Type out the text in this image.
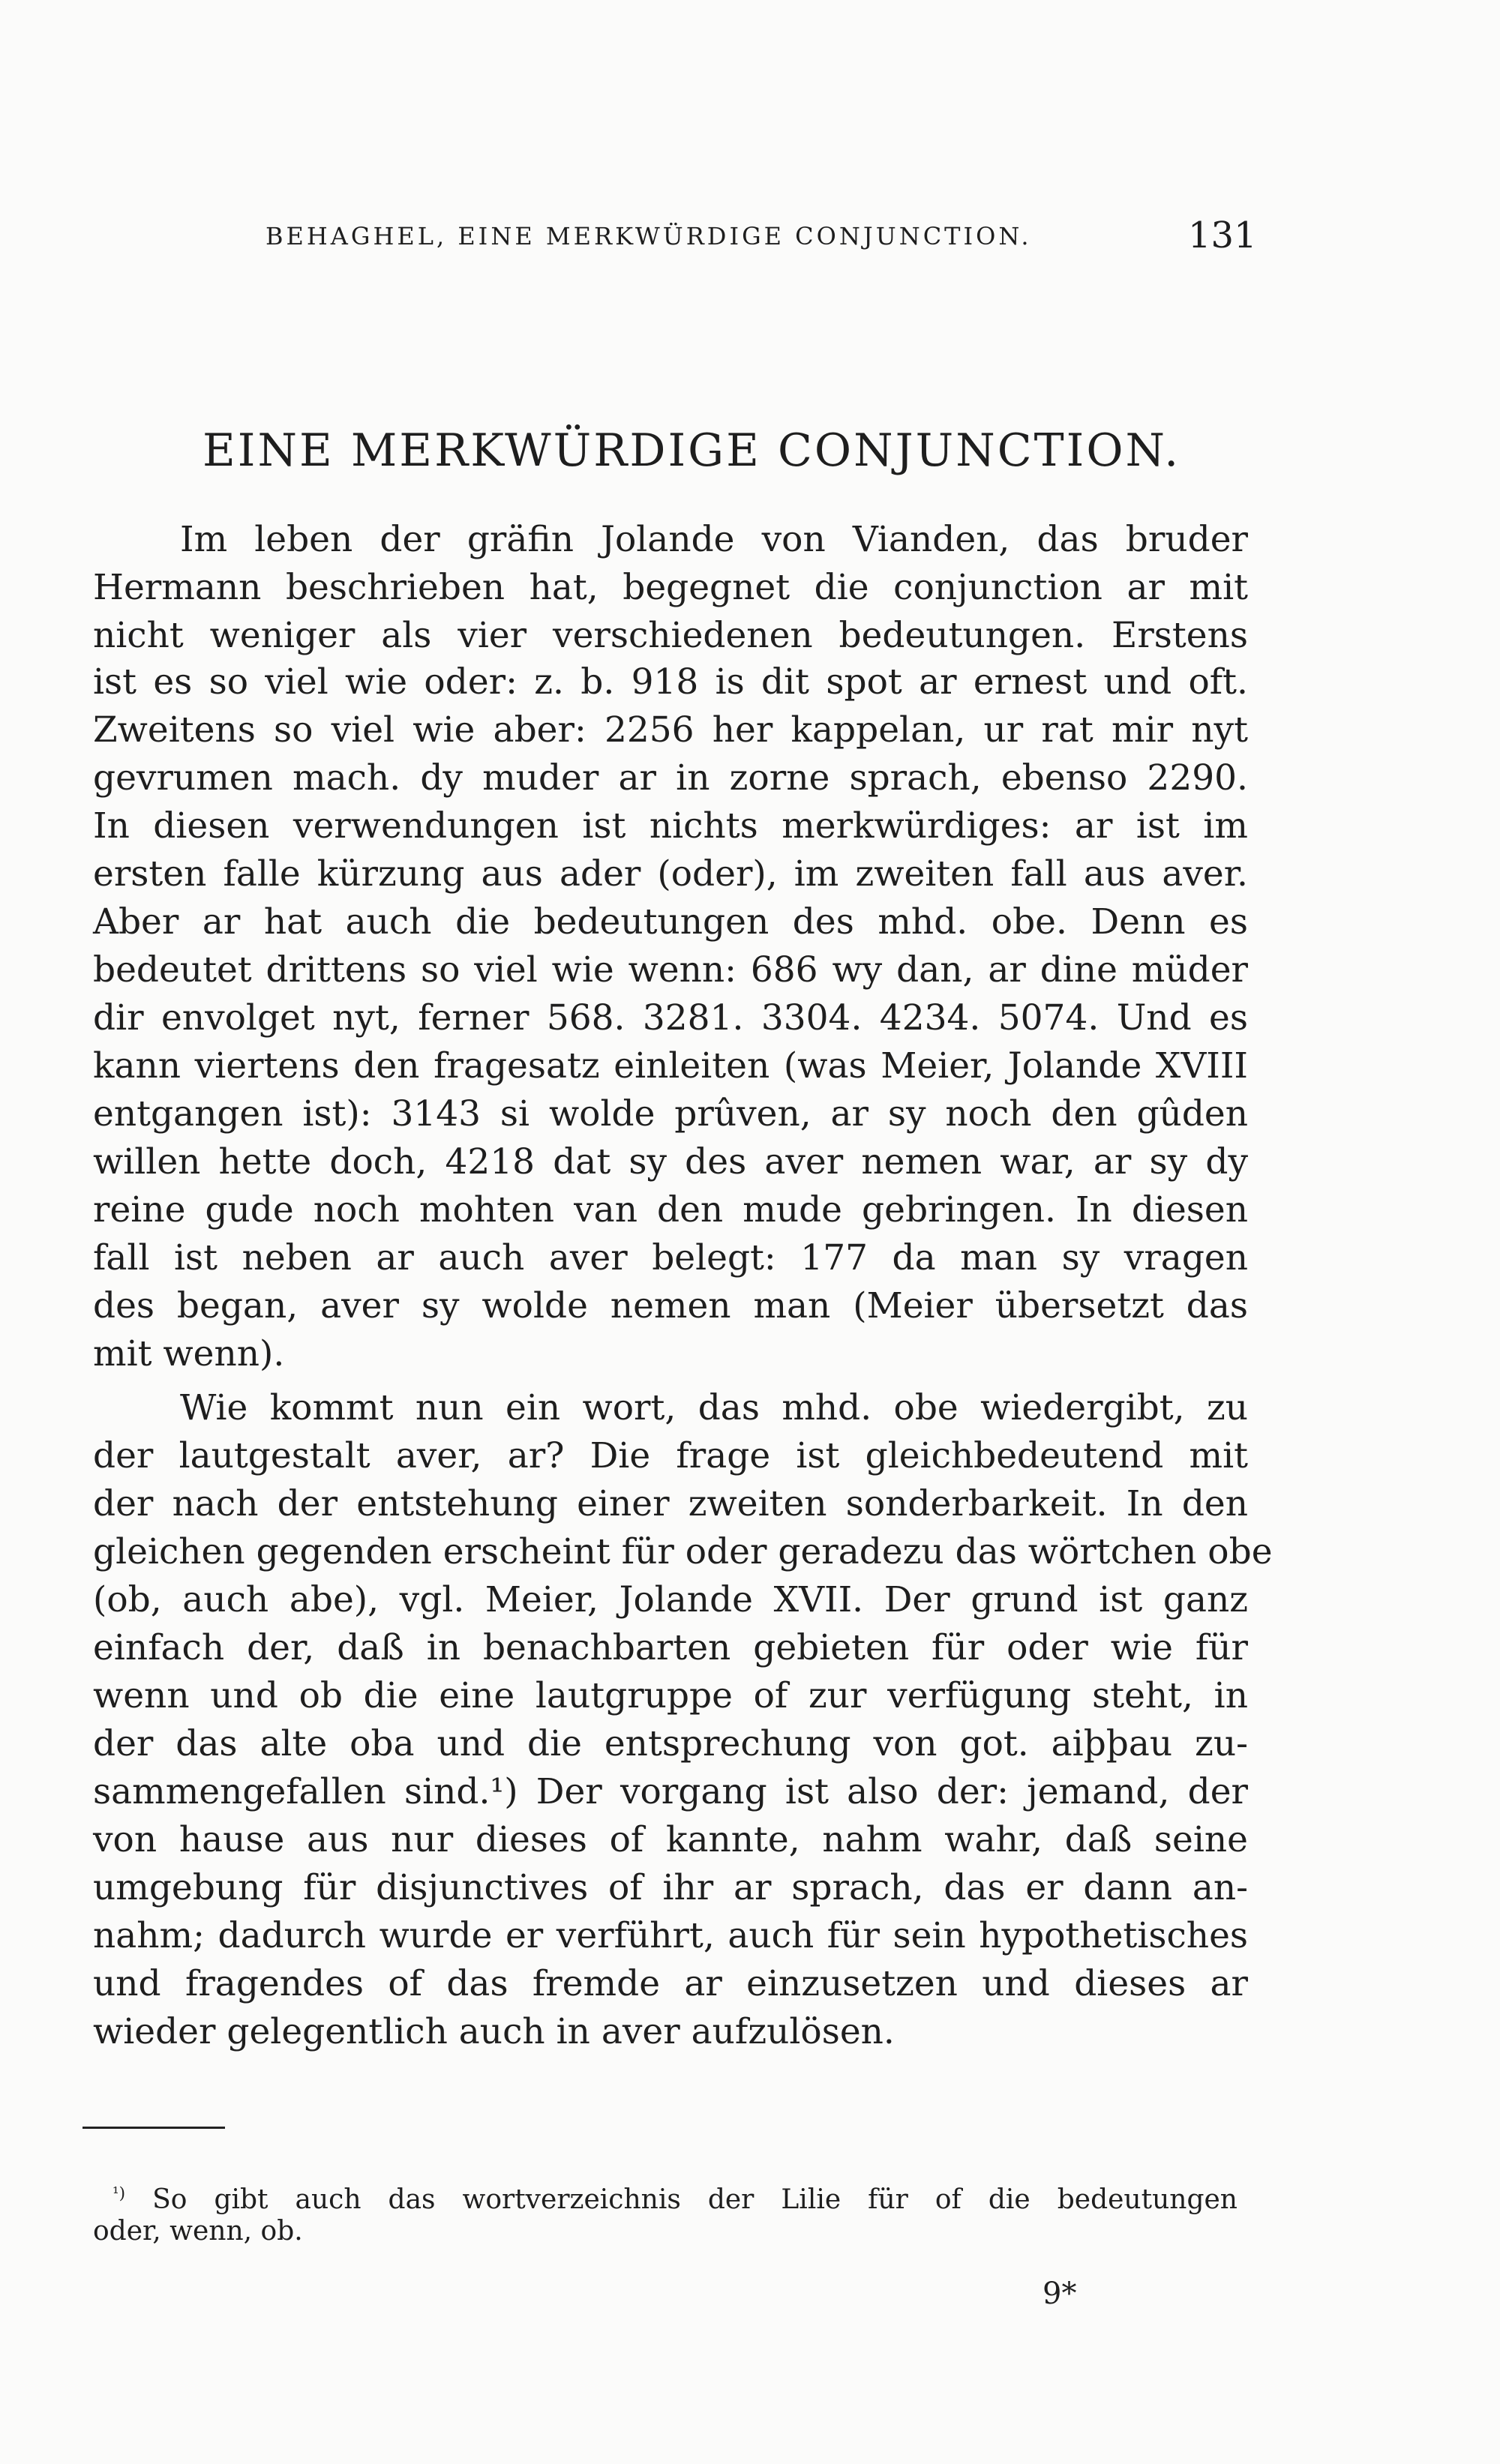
BEHAGHEL, EINE MERKWÜRDIGE CONJUNCTION.	131
EINE MERKWÜRDIGE CONJUNCTION.
Im leben der gräfin Jolande von Vianden, das bruder
Hermann beschrieben hat, begegnet die conjunction ar mit
nicht weniger als vier verschiedenen bedeutungen. Erstens
ist es so viel wie oder: z. b. 918 is dit spot ar ernest und oft.
Zweitens so viel wie aber: 2256 her kappelan, ur rat mir nyt
gevrumen mach. dy muder ar in zorne sprach, ebenso 2290.
In diesen verwendungen ist nichts merkwürdiges: ar ist im
ersten falle kürzung aus ader (oder), im zweiten fall aus aver.
Aber ar hat auch die bedeutungen des mhd. obe. Denn es
bedeutet drittens so viel wie wenn: 686 wy dan, ar dine müder
dir envolget nyt, ferner 568. 3281. 3304. 4234. 5074. Und es
kann viertens den fragesatz einleiten (was Meier, Jolande XVIII
entgangen ist): 3143 si wolde prûven, ar sy noch den gûden
willen hette doch, 4218 dat sy des aver nemen war, ar sy dy
reine gude noch mohten van den mude gebringen. In diesen
fall ist neben ar auch aver belegt: 177 da man sy vragen
des began, aver sy wolde nemen man (Meier übersetzt das
mit wenn).
Wie kommt nun ein wort, das mhd. obe wiedergibt, zu
der lautgestalt aver, ar? Die frage ist gleichbedeutend mit
der nach der entstehung einer zweiten sonderbarkeit. In den
gleichen gegenden erscheint für oder geradezu das wörtchen obe
(ob, auch abe), vgl. Meier, Jolande XVII. Der grund ist ganz
einfach der, daß in benachbarten gebieten für oder wie für
wenn und ob die eine lautgruppe of zur verfügung steht, in
der das alte oba und die entsprechung von got. aiþþau zu-
sammengefallen sind.¹) Der vorgang ist also der: jemand, der
von hause aus nur dieses of kannte, nahm wahr, daß seine
umgebung für disjunctives of ihr ar sprach, das er dann an-
nahm; dadurch wurde er verführt, auch für sein hypothetisches
und fragendes of das fremde ar einzusetzen und dieses ar
wieder gelegentlich auch in aver aufzulösen.
$^{^1)}$ So gibt auch das wortverzeichnis der Lilie für of die bedeutungen
oder, wenn, ob.
9*
